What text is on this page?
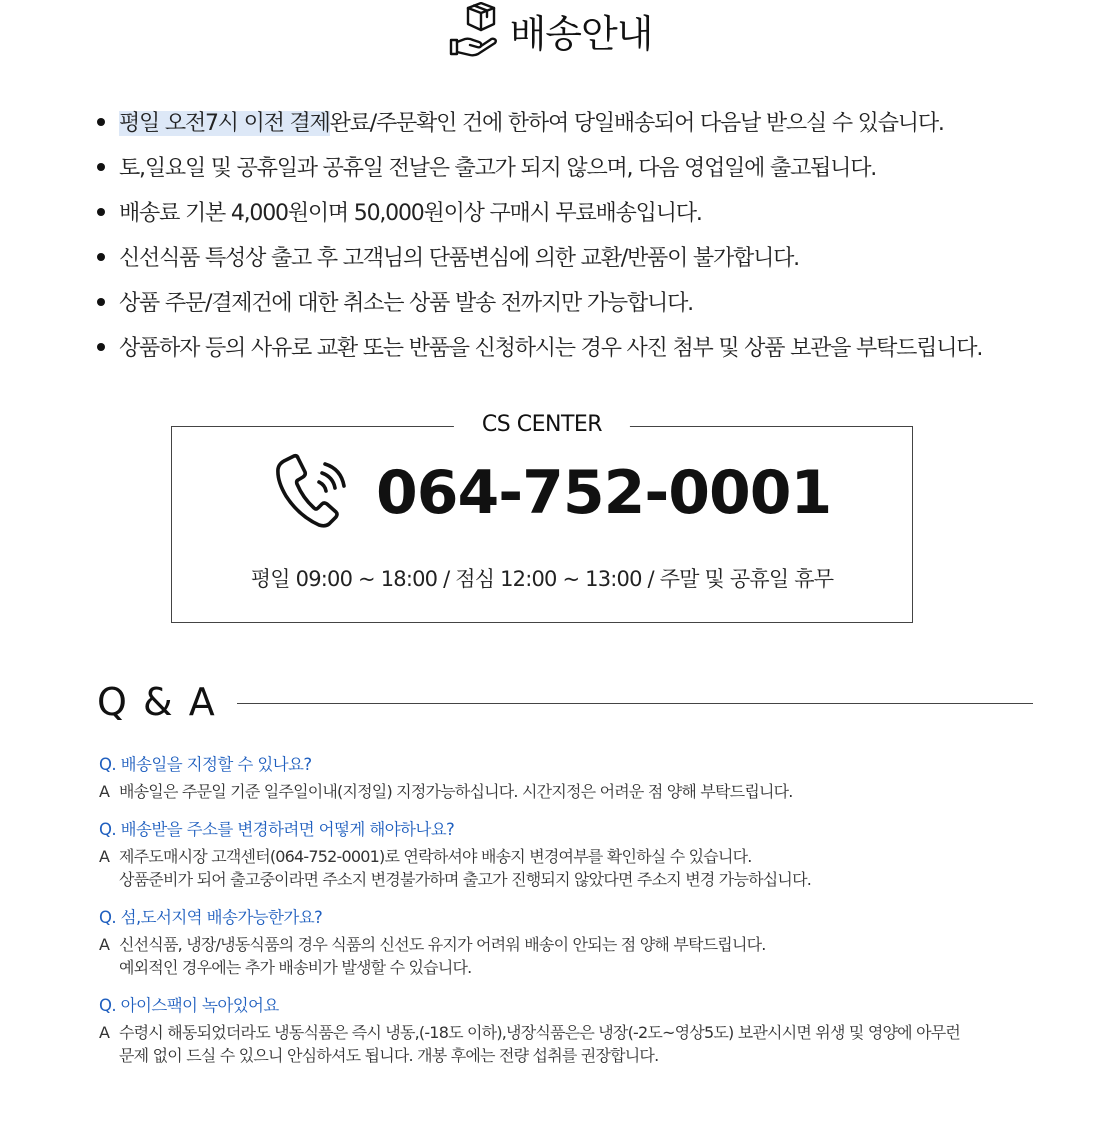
배송안내
평일 오전7시 이전 결제완료/주문확인 건에 한하여 당일배송되어 다음날 받으실 수 있습니다.
토,일요일 및 공휴일과 공휴일 전날은 출고가 되지 않으며, 다음 영업일에 출고됩니다.
배송료 기본 4,000원이며 50,000원이상 구매시 무료배송입니다.
신선식품 특성상 출고 후 고객님의 단품변심에 의한 교환/반품이 불가합니다.
상품 주문/결제건에 대한 취소는 상품 발송 전까지만 가능합니다.
상품하자 등의 사유로 교환 또는 반품을 신청하시는 경우 사진 첨부 및 상품 보관을 부탁드립니다.
CS CENTER
064-752-0001
평일 09:00 ~ 18:00 / 점심 12:00 ~ 13:00 / 주말 및 공휴일 휴무
Q & A
Q. 배송일을 지정할 수 있나요?
A 배송일은 주문일 기준 일주일이내(지정일) 지정가능하십니다. 시간지정은 어려운 점 양해 부탁드립니다.
Q. 배송받을 주소를 변경하려면 어떻게 해야하나요?
A 제주도매시장 고객센터(064-752-0001)로 연락하셔야 배송지 변경여부를 확인하실 수 있습니다.
상품준비가 되어 출고중이라면 주소지 변경불가하며 출고가 진행되지 않았다면 주소지 변경 가능하십니다.
Q. 섬,도서지역 배송가능한가요?
A 신선식품, 냉장/냉동식품의 경우 식품의 신선도 유지가 어려워 배송이 안되는 점 양해 부탁드립니다.
예외적인 경우에는 추가 배송비가 발생할 수 있습니다.
Q. 아이스팩이 녹아있어요
A 수령시 해동되었더라도 냉동식품은 즉시 냉동,(-18도 이하),냉장식품은은 냉장(-2도~영상5도) 보관시시면 위생 및 영양에 아무런
문제 없이 드실 수 있으니 안심하셔도 됩니다. 개봉 후에는 전량 섭취를 권장합니다.
